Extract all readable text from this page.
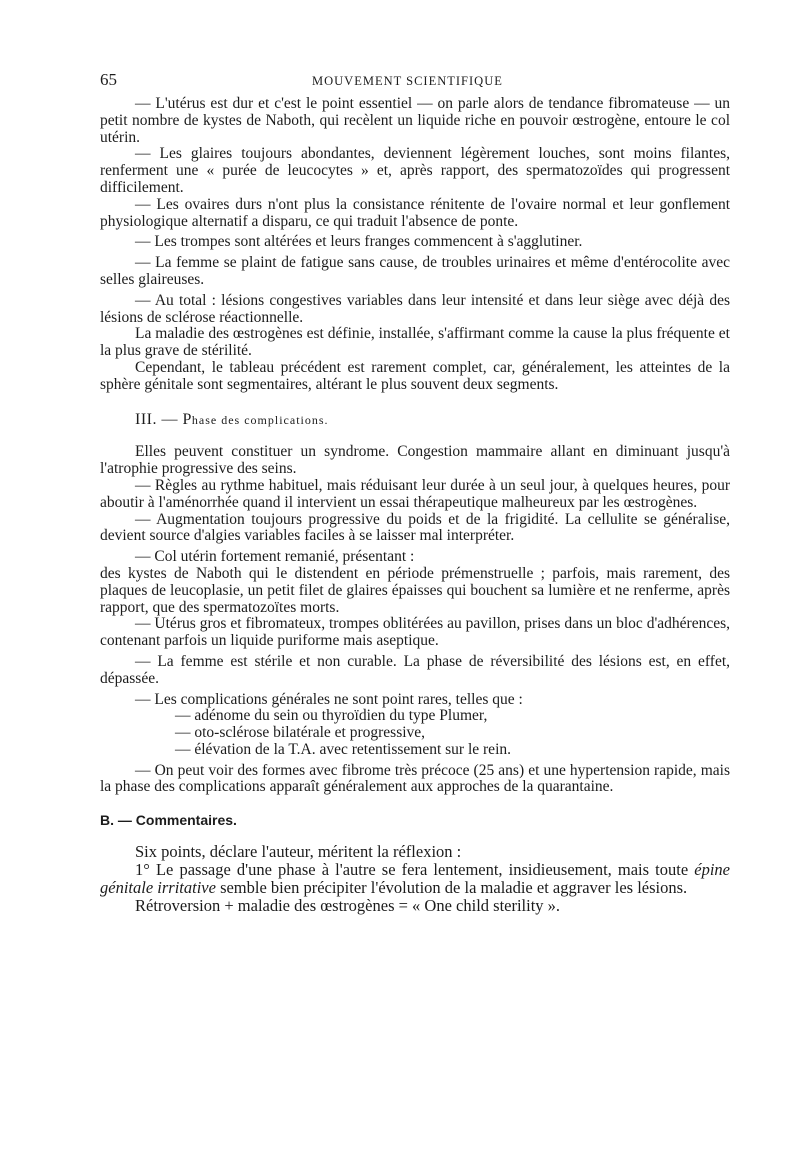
65	MOUVEMENT SCIENTIFIQUE

— L'utérus est dur et c'est le point essentiel — on parle alors de tendance fibromateuse — un petit nombre de kystes de Naboth, qui recèlent un liquide riche en pouvoir œstrogène, entoure le col utérin.

— Les glaires toujours abondantes, deviennent légèrement louches, sont moins filantes, renferment une « purée de leucocytes » et, après rapport, des spermatozoïdes qui progressent difficilement.

— Les ovaires durs n'ont plus la consistance rénitente de l'ovaire normal et leur gonflement physiologique alternatif a disparu, ce qui traduit l'absence de ponte.

— Les trompes sont altérées et leurs franges commencent à s'agglutiner.

— La femme se plaint de fatigue sans cause, de troubles urinaires et même d'entérocolite avec selles glaireuses.

— Au total : lésions congestives variables dans leur intensité et dans leur siège avec déjà des lésions de sclérose réactionnelle.

La maladie des œstrogènes est définie, installée, s'affirmant comme la cause la plus fréquente et la plus grave de stérilité.

Cependant, le tableau précédent est rarement complet, car, généralement, les atteintes de la sphère génitale sont segmentaires, altérant le plus souvent deux segments.

III. — Phase des complications.

Elles peuvent constituer un syndrome. Congestion mammaire allant en diminuant jusqu'à l'atrophie progressive des seins.

— Règles au rythme habituel, mais réduisant leur durée à un seul jour, à quelques heures, pour aboutir à l'aménorrhée quand il intervient un essai thérapeutique malheureux par les œstrogènes.

— Augmentation toujours progressive du poids et de la frigidité. La cellulite se généralise, devient source d'algies variables faciles à se laisser mal interpréter.

— Col utérin fortement remanié, présentant :

des kystes de Naboth qui le distendent en période prémenstruelle ; parfois, mais rarement, des plaques de leucoplasie, un petit filet de glaires épaisses qui bouchent sa lumière et ne renferme, après rapport, que des spermatozoïtes morts.

— Utérus gros et fibromateux, trompes oblitérées au pavillon, prises dans un bloc d'adhérences, contenant parfois un liquide puriforme mais aseptique.

— La femme est stérile et non curable. La phase de réversibilité des lésions est, en effet, dépassée.

— Les complications générales ne sont point rares, telles que :

— adénome du sein ou thyroïdien du type Plumer,

— oto-sclérose bilatérale et progressive,

— élévation de la T.A. avec retentissement sur le rein.

— On peut voir des formes avec fibrome très précoce (25 ans) et une hypertension rapide, mais la phase des complications apparaît généralement aux approches de la quarantaine.

B. — Commentaires.

Six points, déclare l'auteur, méritent la réflexion :

1° Le passage d'une phase à l'autre se fera lentement, insidieusement, mais toute épine génitale irritative semble bien précipiter l'évolution de la maladie et aggraver les lésions.

Rétroversion + maladie des œstrogènes = « One child sterility ».
